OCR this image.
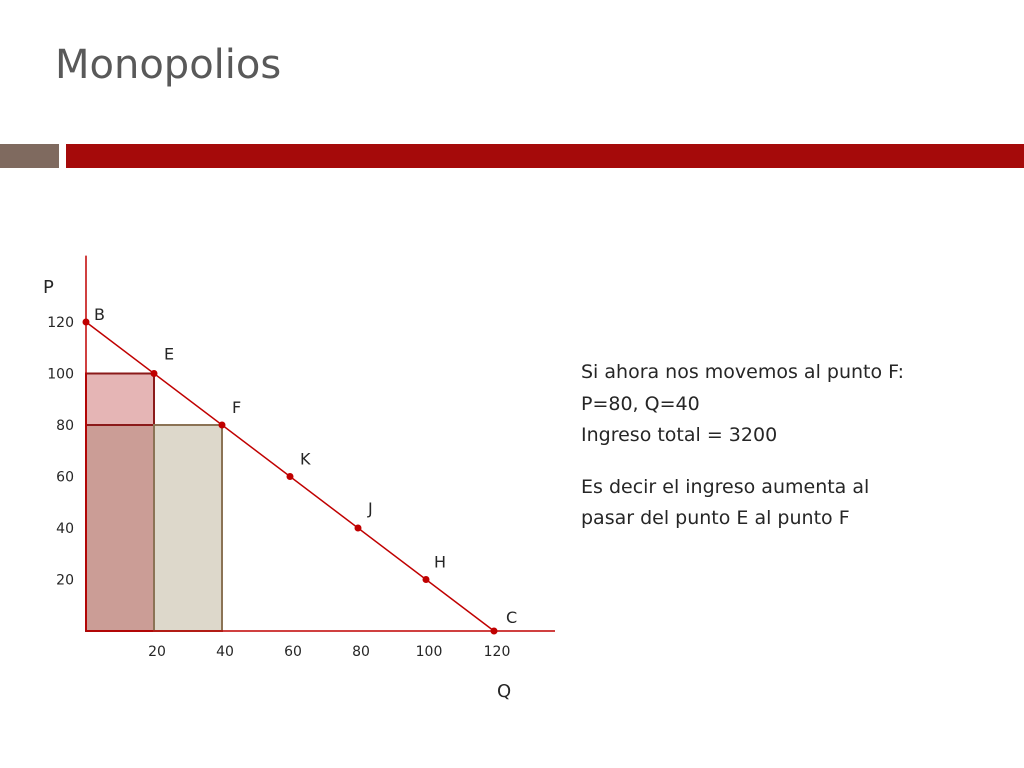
Monopolios
P
Q
20
40
60
80
100
120
20	40	60	80	100	120
B
E
F
K
J
H
C

Si ahora nos movemos al punto F:

P=80, Q=40

Ingreso total = 3200

Es decir el ingreso aumenta al

pasar del punto E al punto F
